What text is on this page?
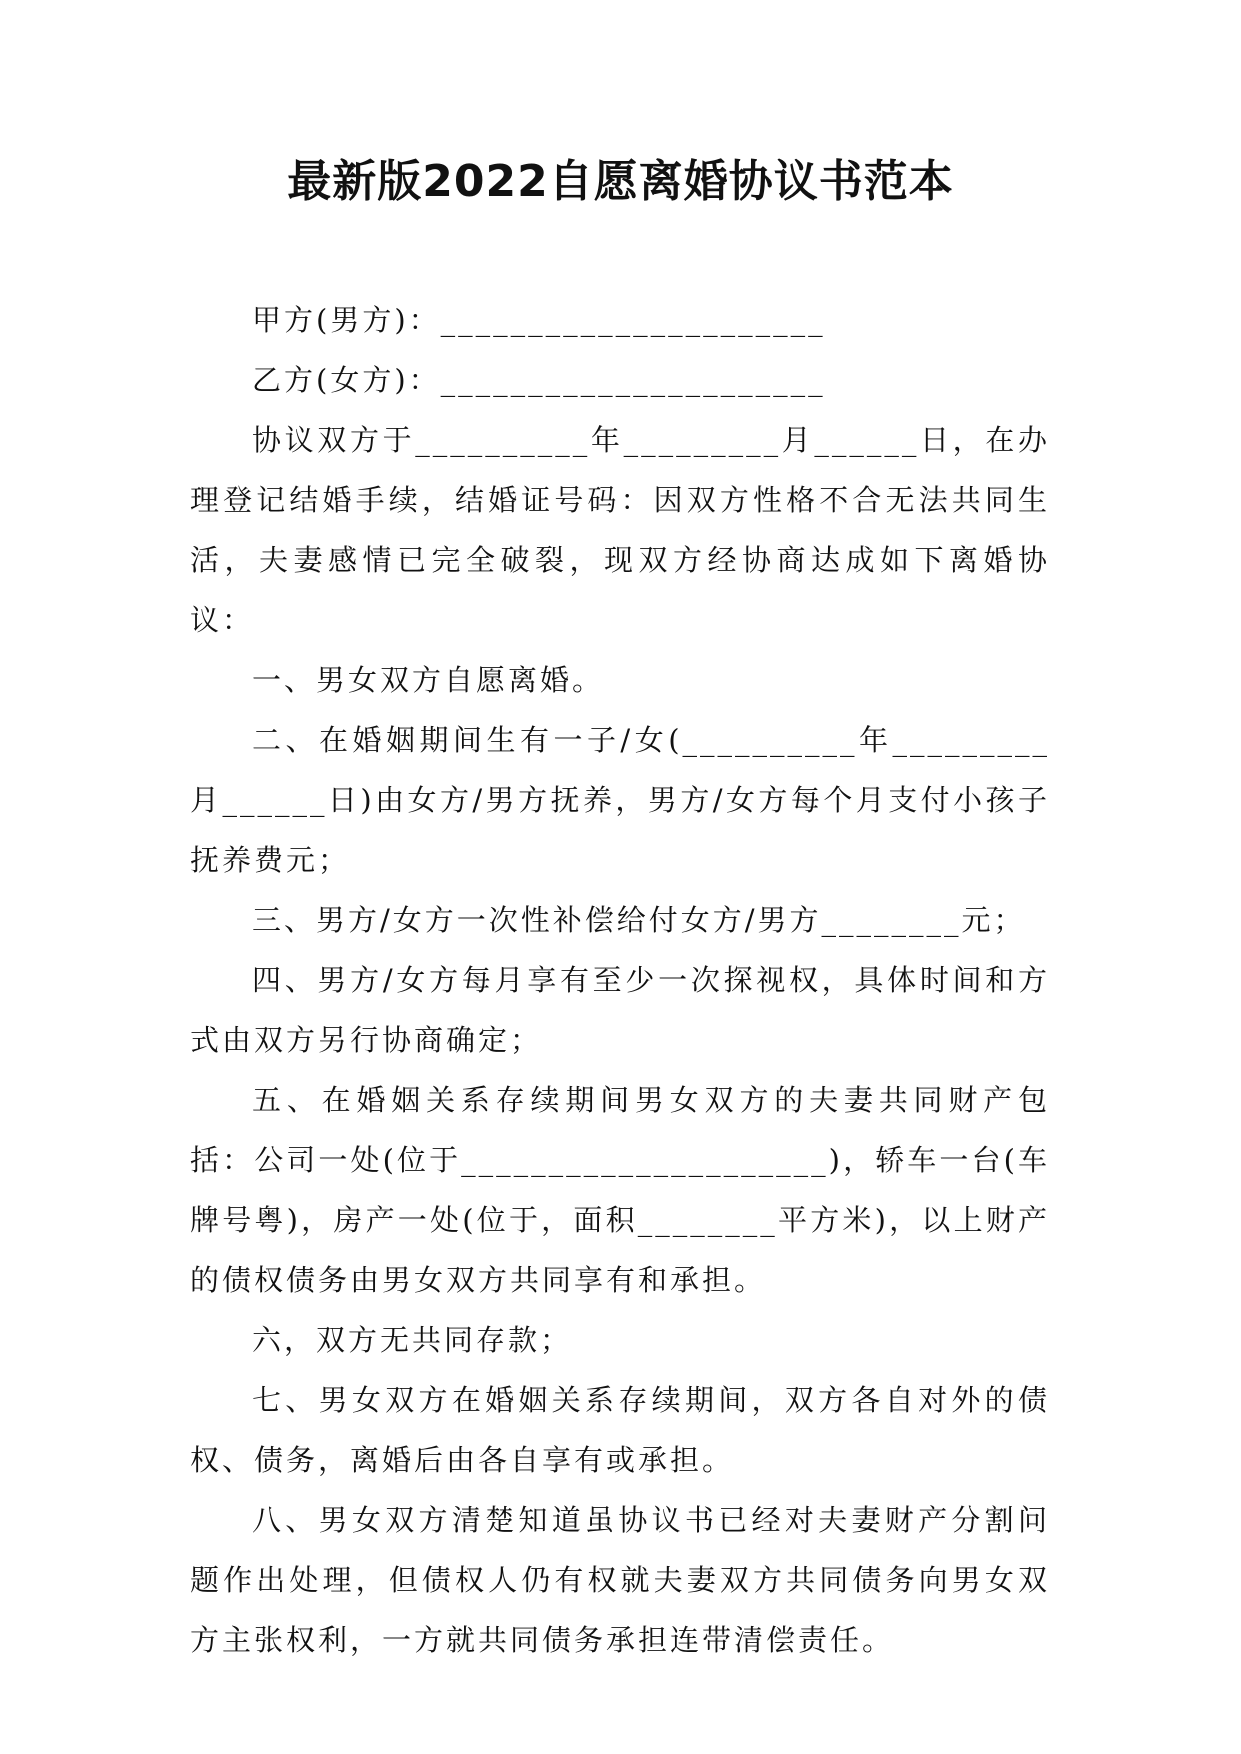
最新版2022自愿离婚协议书范本

甲方(男方)：______________________

乙方(女方)：______________________

协议双方于__________年_________月______日，在办理登记结婚手续，结婚证号码：因双方性格不合无法共同生活，夫妻感情已完全破裂，现双方经协商达成如下离婚协议：

一、男女双方自愿离婚。

二、在婚姻期间生有一子/女(__________年_________月______日)由女方/男方抚养，男方/女方每个月支付小孩子抚养费元；

三、男方/女方一次性补偿给付女方/男方________元；

四、男方/女方每月享有至少一次探视权，具体时间和方式由双方另行协商确定；

五、在婚姻关系存续期间男女双方的夫妻共同财产包括：公司一处(位于_____________________)，轿车一台(车牌号粤)，房产一处(位于，面积________平方米)，以上财产的债权债务由男女双方共同享有和承担。

六，双方无共同存款；

七、男女双方在婚姻关系存续期间，双方各自对外的债权、债务，离婚后由各自享有或承担。

八、男女双方清楚知道虽协议书已经对夫妻财产分割问题作出处理，但债权人仍有权就夫妻双方共同债务向男女双方主张权利，一方就共同债务承担连带清偿责任。
